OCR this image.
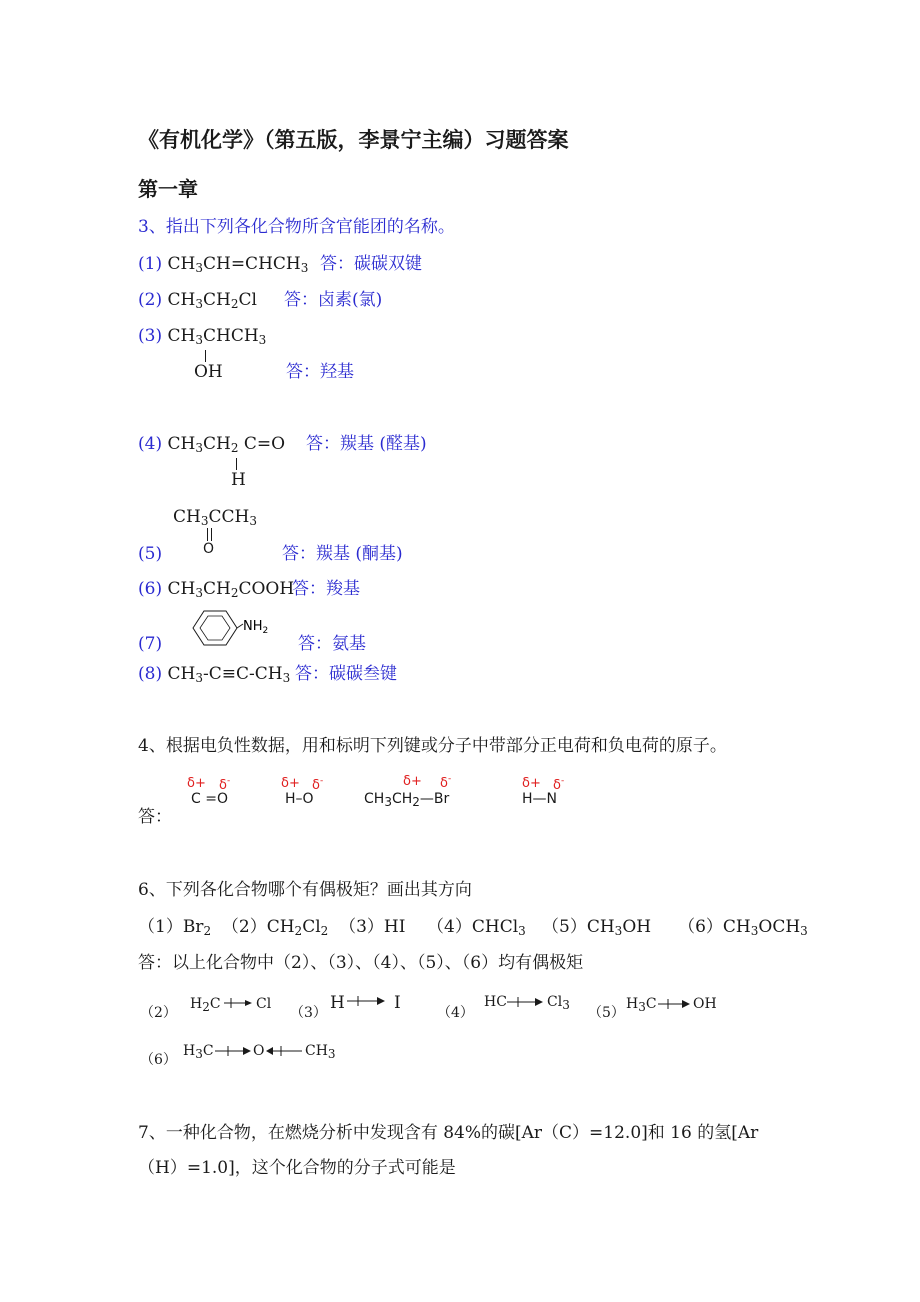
《有机化学》（第五版，李景宁主编）习题答案
第一章
3、指出下列各化合物所含官能团的名称。
(1) $CH_3CH=CHCH_3$ 答：碳碳双键
(2) $CH_3CH_2Cl$ 答：卤素(氯)
(3) $CH_3CHCH_3$
OH	答：羟基
(4) $CH_3CH_2$ C=O
H
答：羰基 (醛基)
$CH_3CCH_3$
O
(5)	答：羰基 (酮基)
(6) $CH_3CH_2COOH$
答：羧基
(7)
$NH_2$
答：氨基
(8) $CH_3-C\equiv C-CH_3$ 答：碳碳叁键
4、根据电负性数据，用和标明下列键或分子中带部分正电荷和负电荷的原子。
答：
δ+ δ-
C =O
δ+ δ-
H–O
δ+ δ-
CH3CH2—Br
δ+ δ-
H—N
6、下列各化合物哪个有偶极矩？画出其方向
$(1)Br_2$  $(2)CH_2Cl_2$  （3）HI    （4）CHCl$_3$   $(5)CH_3OH$     $(6)CH_3OCH_3$
答：以上化合物中（2）、（3）、（4）、（5）、（6）均有偶极矩
（2）
H2C	Cl
（3） H	I	（4）
HC	Cl3 （5）
H3C	OH
（6）
H3C	O	CH3
7、一种化合物，在燃烧分析中发现含有 84%的碳[Ar（C）=12.0]和 16 的氢[Ar
（H）=1.0]，这个化合物的分子式可能是
